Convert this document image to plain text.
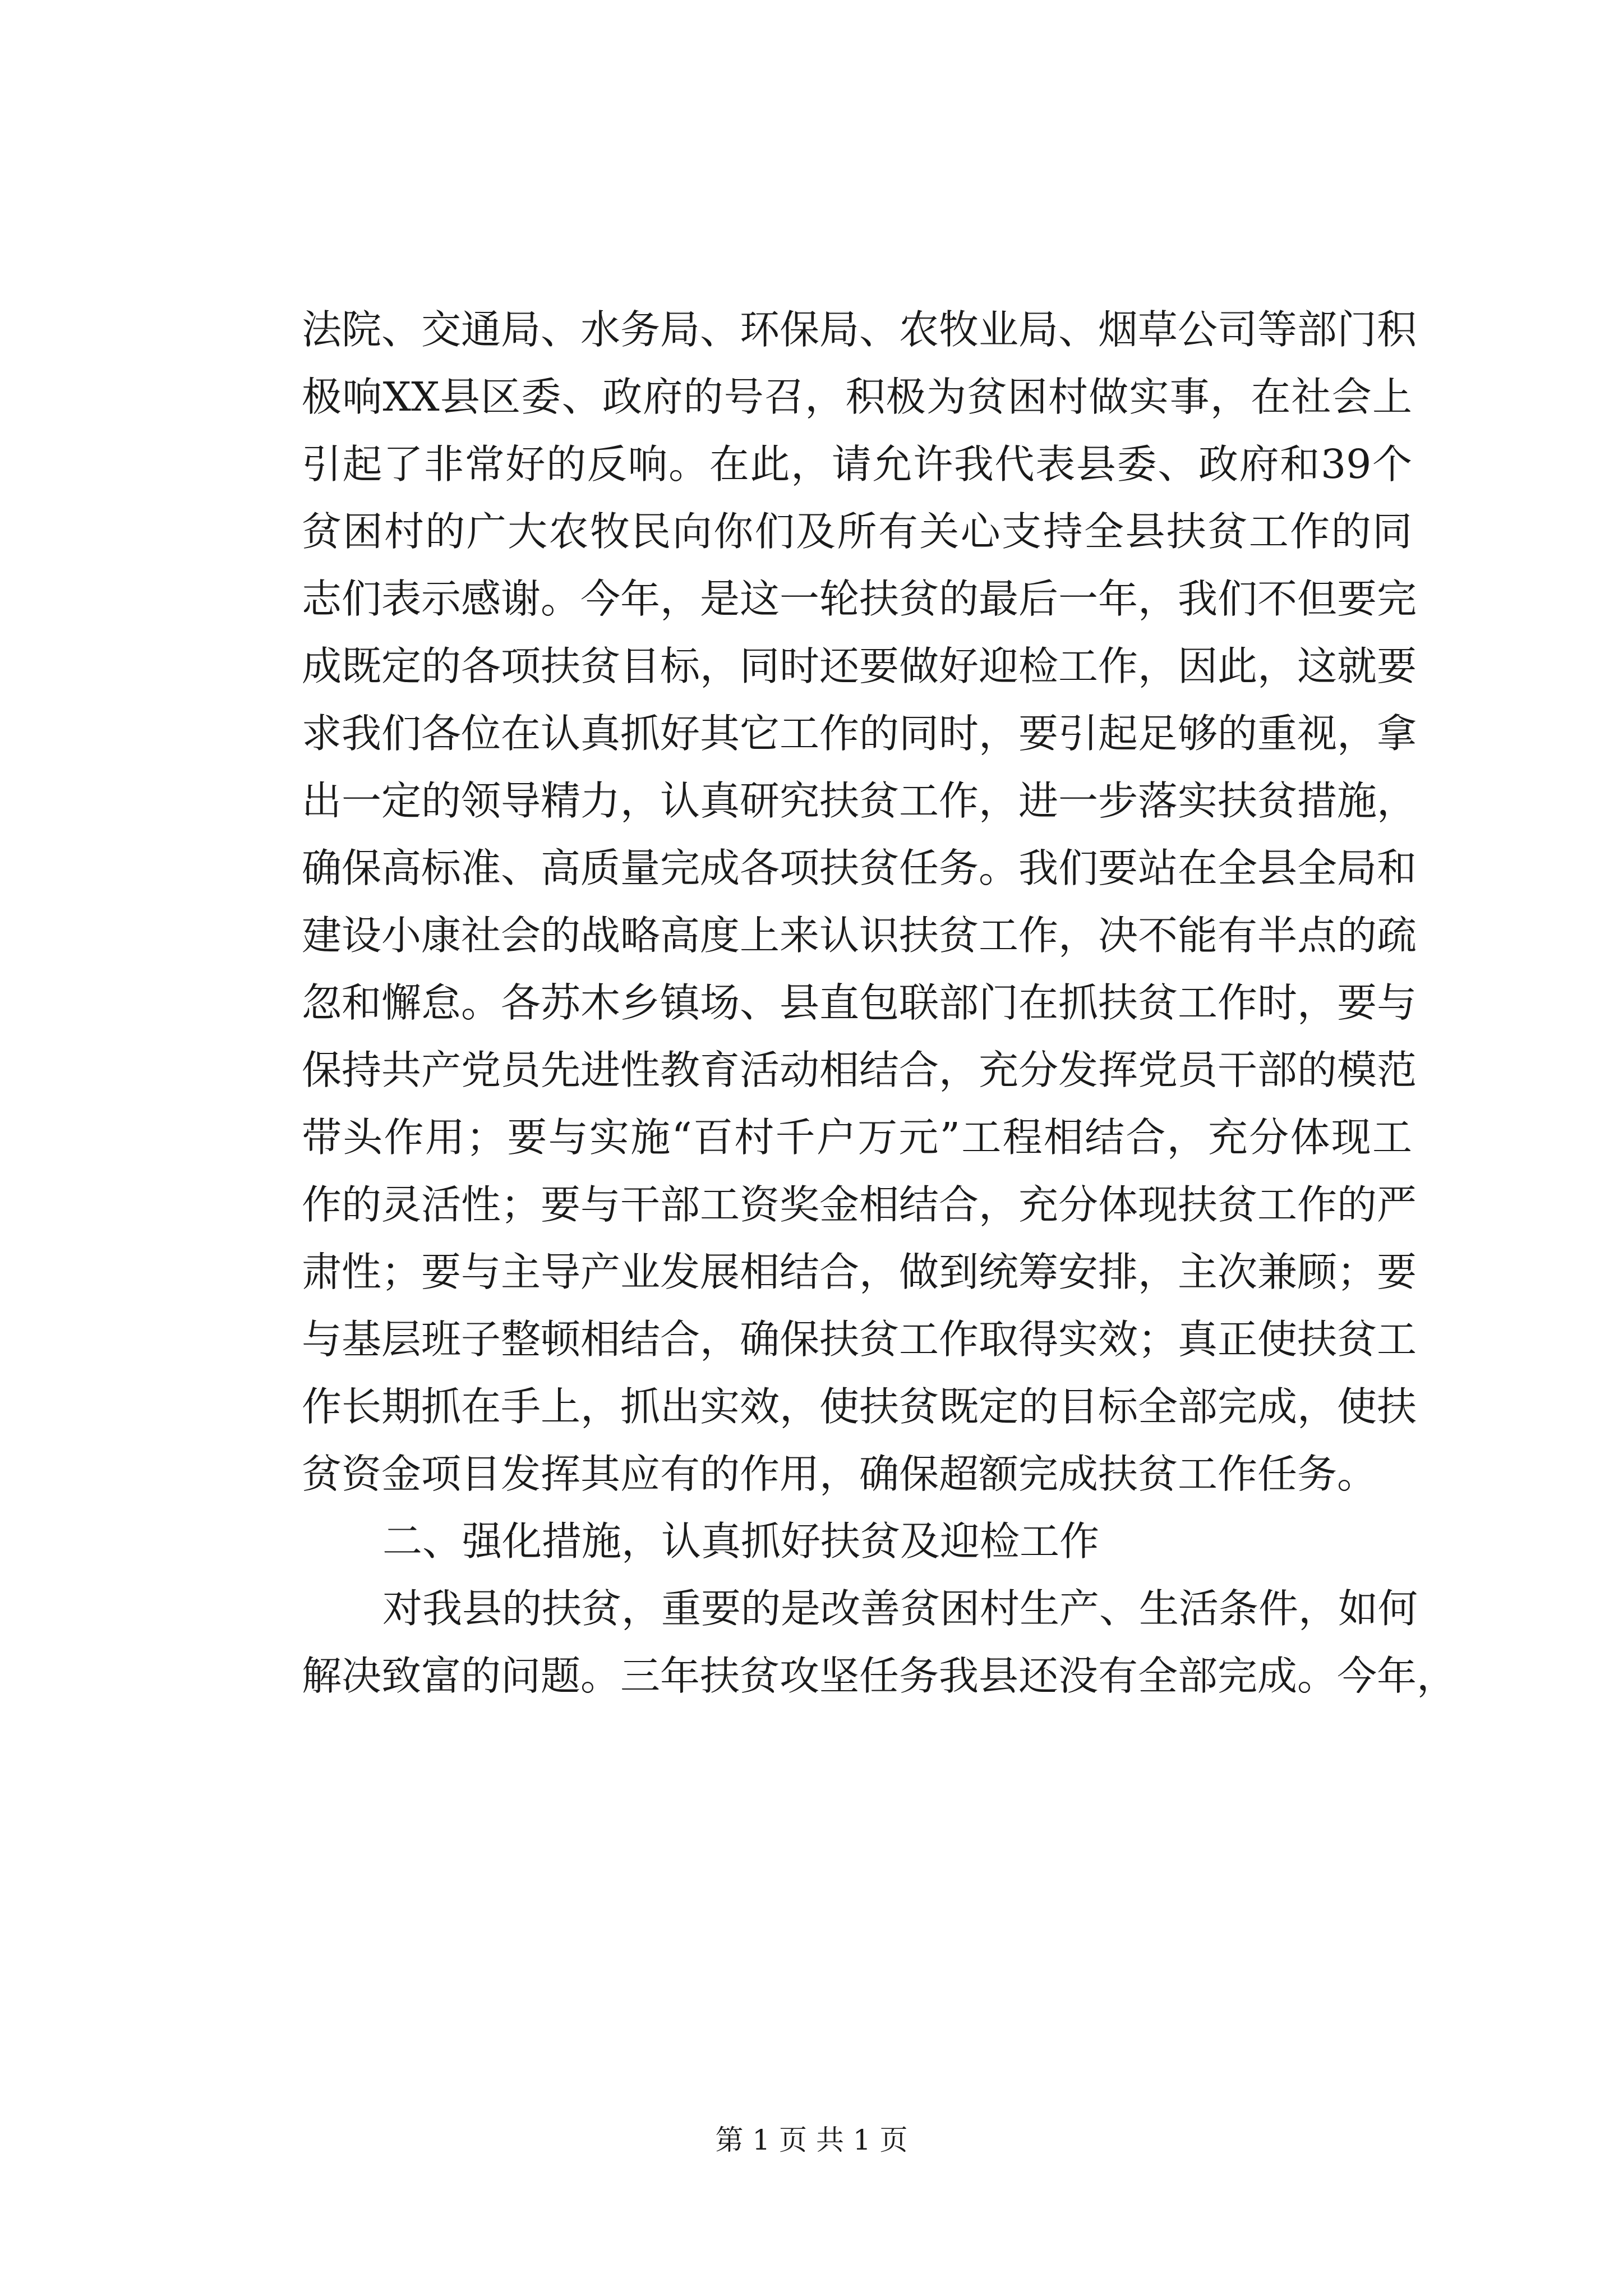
法院、交通局、水务局、环保局、农牧业局、烟草公司等部门积
极响XX县区委、政府的号召，积极为贫困村做实事，在社会上
引起了非常好的反响。在此，请允许我代表县委、政府和39个
贫困村的广大农牧民向你们及所有关心支持全县扶贫工作的同
志们表示感谢。今年，是这一轮扶贫的最后一年，我们不但要完
成既定的各项扶贫目标，同时还要做好迎检工作，因此，这就要
求我们各位在认真抓好其它工作的同时，要引起足够的重视，拿
出一定的领导精力，认真研究扶贫工作，进一步落实扶贫措施，
确保高标准、高质量完成各项扶贫任务。我们要站在全县全局和
建设小康社会的战略高度上来认识扶贫工作，决不能有半点的疏
忽和懈怠。各苏木乡镇场、县直包联部门在抓扶贫工作时，要与
保持共产党员先进性教育活动相结合，充分发挥党员干部的模范
带头作用；要与实施“百村千户万元”工程相结合，充分体现工
作的灵活性；要与干部工资奖金相结合，充分体现扶贫工作的严
肃性；要与主导产业发展相结合，做到统筹安排，主次兼顾；要
与基层班子整顿相结合，确保扶贫工作取得实效；真正使扶贫工
作长期抓在手上，抓出实效，使扶贫既定的目标全部完成，使扶
贫资金项目发挥其应有的作用，确保超额完成扶贫工作任务。
二、强化措施，认真抓好扶贫及迎检工作
对我县的扶贫，重要的是改善贫困村生产、生活条件，如何
解决致富的问题。三年扶贫攻坚任务我县还没有全部完成。今年，
第 1 页 共 1 页
